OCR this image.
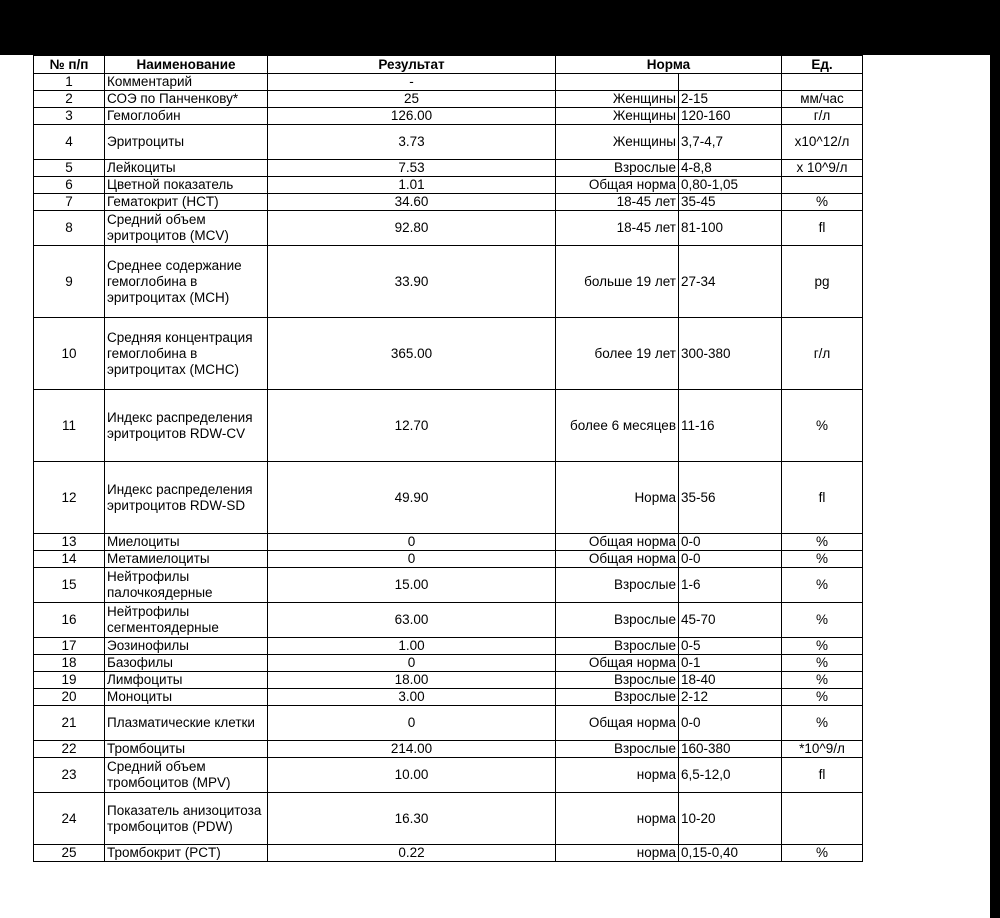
№ п/п	Наименование	Результат	Норма		Ед.
1	Комментарий	-			
2	СОЭ по Панченкову*	25	Женщины	2-15	мм/час
3	Гемоглобин	126.00	Женщины	120-160	г/л
4	Эритроциты	3.73	Женщины	3,7-4,7	x10^12/л
5	Лейкоциты	7.53	Взрослые	4-8,8	x 10^9/л
6	Цветной показатель	1.01	Общая норма	0,80-1,05	
7	Гематокрит (HCT)	34.60	18-45 лет	35-45	%
8	Средний объем эритроцитов (MCV)	92.80	18-45 лет	81-100	fl
9	Среднее содержание гемоглобина в эритроцитах (MCH)	33.90	больше 19 лет	27-34	pg
10	Средняя концентрация гемоглобина в эритроцитах (MCHC)	365.00	более 19 лет	300-380	г/л
11	Индекс распределения эритроцитов RDW-CV	12.70	более 6 месяцев	11-16	%
12	Индекс распределения эритроцитов RDW-SD	49.90	Норма	35-56	fl
13	Миелоциты	0	Общая норма	0-0	%
14	Метамиелоциты	0	Общая норма	0-0	%
15	Нейтрофилы палочкоядерные	15.00	Взрослые	1-6	%
16	Нейтрофилы сегментоядерные	63.00	Взрослые	45-70	%
17	Эозинофилы	1.00	Взрослые	0-5	%
18	Базофилы	0	Общая норма	0-1	%
19	Лимфоциты	18.00	Взрослые	18-40	%
20	Моноциты	3.00	Взрослые	2-12	%
21	Плазматические клетки	0	Общая норма	0-0	%
22	Тромбоциты	214.00	Взрослые	160-380	*10^9/л
23	Средний объем тромбоцитов (MPV)	10.00	норма	6,5-12,0	fl
24	Показатель анизоцитоза тромбоцитов (PDW)	16.30	норма	10-20	
25	Тромбокрит (PCT)	0.22	норма	0,15-0,40	%
